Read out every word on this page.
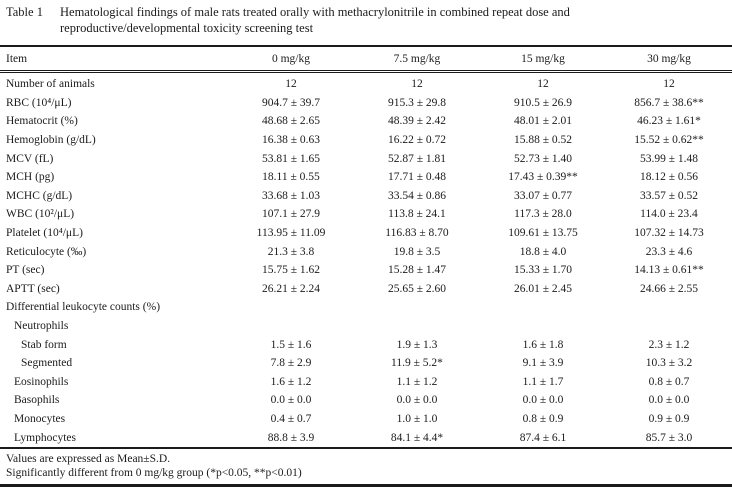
Table 1	Hematological findings of male rats treated orally with methacrylonitrile in combined repeat dose and
reproductive/developmental toxicity screening test
Item	0 mg/kg	7.5 mg/kg	15 mg/kg	30 mg/kg
Number of animals	12	12	12	12
RBC (10⁴/μL)	904.7 ± 39.7	915.3 ± 29.8	910.5 ± 26.9	856.7 ± 38.6**
Hematocrit (%)	48.68 ± 2.65	48.39 ± 2.42	48.01 ± 2.01	46.23 ± 1.61*
Hemoglobin (g/dL)	16.38 ± 0.63	16.22 ± 0.72	15.88 ± 0.52	15.52 ± 0.62**
MCV (fL)	53.81 ± 1.65	52.87 ± 1.81	52.73 ± 1.40	53.99 ± 1.48
MCH (pg)	18.11 ± 0.55	17.71 ± 0.48	17.43 ± 0.39**	18.12 ± 0.56
MCHC (g/dL)	33.68 ± 1.03	33.54 ± 0.86	33.07 ± 0.77	33.57 ± 0.52
WBC (10²/μL)	107.1 ± 27.9	113.8 ± 24.1	117.3 ± 28.0	114.0 ± 23.4
Platelet (10⁴/μL)	113.95 ± 11.09	116.83 ± 8.70	109.61 ± 13.75	107.32 ± 14.73
Reticulocyte (‰)	21.3 ± 3.8	19.8 ± 3.5	18.8 ± 4.0	23.3 ± 4.6
PT (sec)	15.75 ± 1.62	15.28 ± 1.47	15.33 ± 1.70	14.13 ± 0.61**
APTT (sec)	26.21 ± 2.24	25.65 ± 2.60	26.01 ± 2.45	24.66 ± 2.55
Differential leukocyte counts (%)				
Neutrophils				
Stab form	1.5 ± 1.6	1.9 ± 1.3	1.6 ± 1.8	2.3 ± 1.2
Segmented	7.8 ± 2.9	11.9 ± 5.2*	9.1 ± 3.9	10.3 ± 3.2
Eosinophils	1.6 ± 1.2	1.1 ± 1.2	1.1 ± 1.7	0.8 ± 0.7
Basophils	0.0 ± 0.0	0.0 ± 0.0	0.0 ± 0.0	0.0 ± 0.0
Monocytes	0.4 ± 0.7	1.0 ± 1.0	0.8 ± 0.9	0.9 ± 0.9
Lymphocytes	88.8 ± 3.9	84.1 ± 4.4*	87.4 ± 6.1	85.7 ± 3.0
Values are expressed as Mean±S.D.
Significantly different from 0 mg/kg group (*p<0.05, **p<0.01)
